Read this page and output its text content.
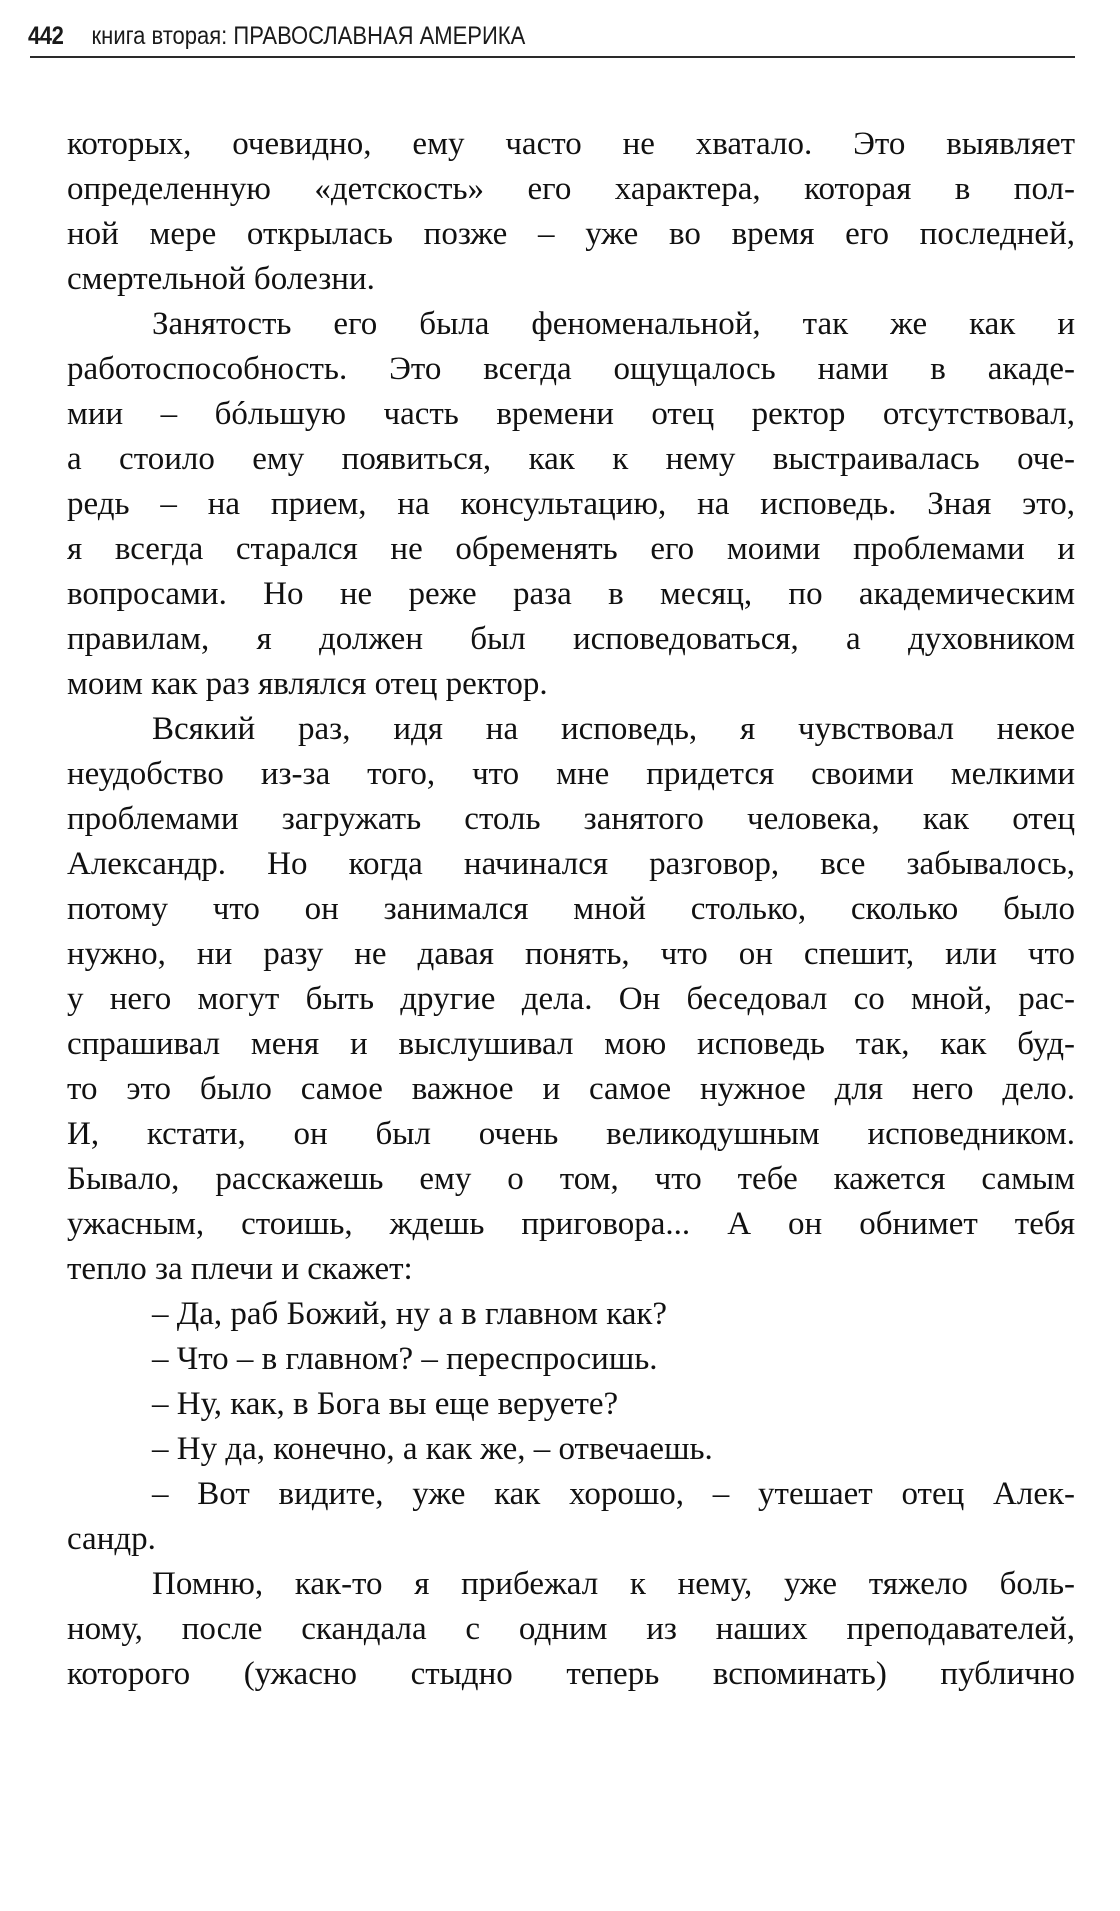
442 книга вторая: ПРАВОСЛАВНАЯ АМЕРИКА
которых, очевидно, ему часто не хватало. Это выявляет
определенную «детскость» его характера, которая в пол-
ной мере открылась позже – уже во время его последней,
смертельной болезни.
Занятость его была феноменальной, так же как и
работоспособность. Это всегда ощущалось нами в акаде-
мии – бóльшую часть времени отец ректор отсутствовал,
а стоило ему появиться, как к нему выстраивалась оче-
редь – на прием, на консультацию, на исповедь. Зная это,
я всегда старался не обременять его моими проблемами и
вопросами. Но не реже раза в месяц, по академическим
правилам, я должен был исповедоваться, а духовником
моим как раз являлся отец ректор.
Всякий раз, идя на исповедь, я чувствовал некое
неудобство из-за того, что мне придется своими мелкими
проблемами загружать столь занятого человека, как отец
Александр. Но когда начинался разговор, все забывалось,
потому что он занимался мной столько, сколько было
нужно, ни разу не давая понять, что он спешит, или что
у него могут быть другие дела. Он беседовал со мной, рас-
спрашивал меня и выслушивал мою исповедь так, как буд-
то это было самое важное и самое нужное для него дело.
И, кстати, он был очень великодушным исповедником.
Бывало, расскажешь ему о том, что тебе кажется самым
ужасным, стоишь, ждешь приговора... А он обнимет тебя
тепло за плечи и скажет:
– Да, раб Божий, ну а в главном как?
– Что – в главном? – переспросишь.
– Ну, как, в Бога вы еще веруете?
– Ну да, конечно, а как же, – отвечаешь.
– Вот видите, уже как хорошо, – утешает отец Алек-
сандр.
Помню, как-то я прибежал к нему, уже тяжело боль-
ному, после скандала с одним из наших преподавателей,
которого (ужасно стыдно теперь вспоминать) публично
